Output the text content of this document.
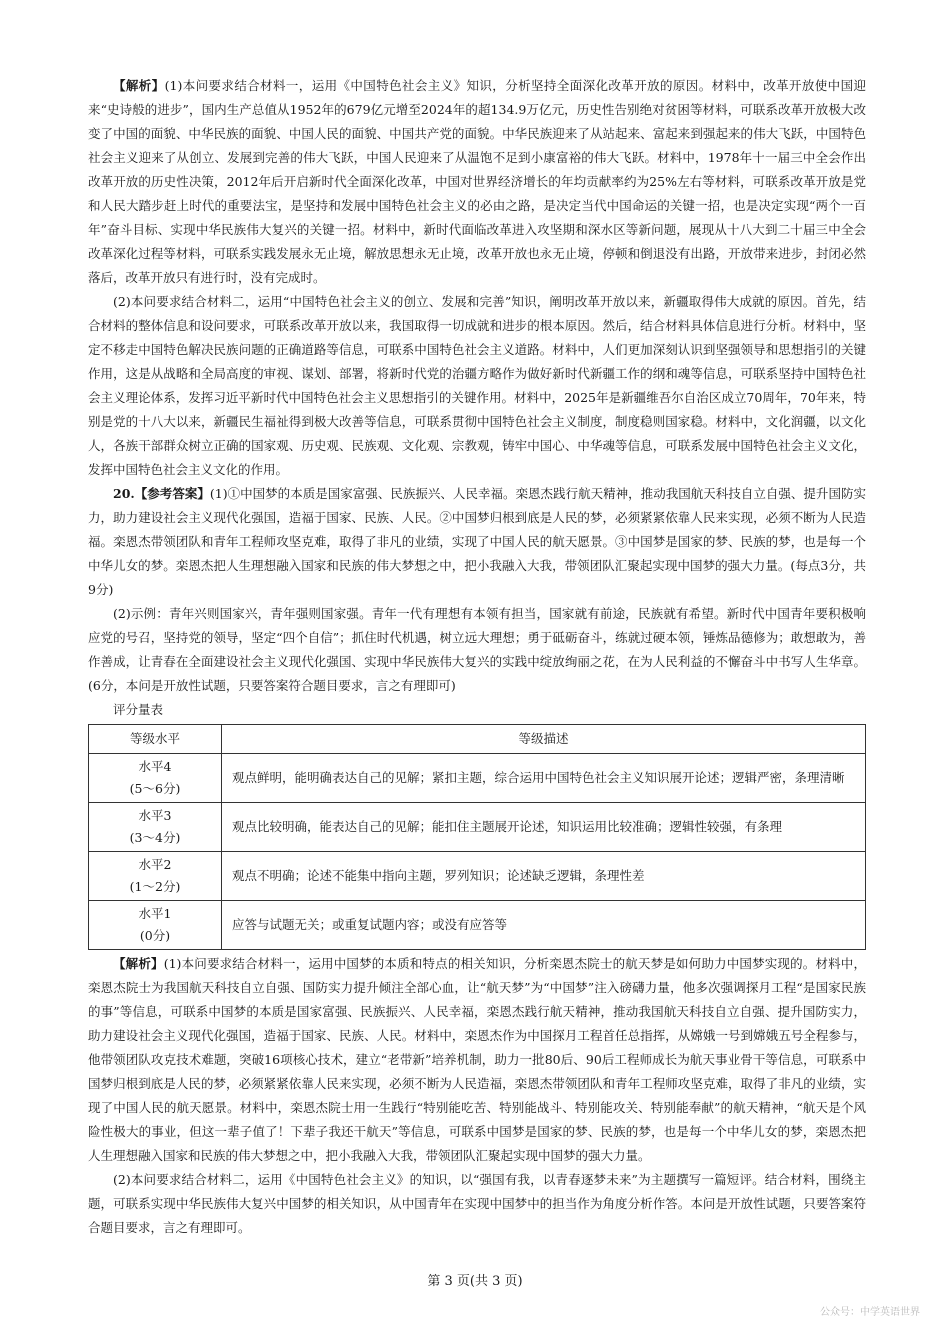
【解析】(1)本问要求结合材料一，运用《中国特色社会主义》知识，分析坚持全面深化改革开放的原因。材料中，改革开放使中国迎来“史诗般的进步”，国内生产总值从1952年的679亿元增至2024年的超134.9万亿元，历史性告别绝对贫困等材料，可联系改革开放极大改变了中国的面貌、中华民族的面貌、中国人民的面貌、中国共产党的面貌。中华民族迎来了从站起来、富起来到强起来的伟大飞跃，中国特色社会主义迎来了从创立、发展到完善的伟大飞跃，中国人民迎来了从温饱不足到小康富裕的伟大飞跃。材料中，1978年十一届三中全会作出改革开放的历史性决策，2012年后开启新时代全面深化改革，中国对世界经济增长的年均贡献率约为25%左右等材料，可联系改革开放是党和人民大踏步赶上时代的重要法宝，是坚持和发展中国特色社会主义的必由之路，是决定当代中国命运的关键一招，也是决定实现“两个一百年”奋斗目标、实现中华民族伟大复兴的关键一招。材料中，新时代面临改革进入攻坚期和深水区等新问题，展现从十八大到二十届三中全会改革深化过程等材料，可联系实践发展永无止境，解放思想永无止境，改革开放也永无止境，停顿和倒退没有出路，开放带来进步，封闭必然落后，改革开放只有进行时，没有完成时。

(2)本问要求结合材料二，运用“中国特色社会主义的创立、发展和完善”知识，阐明改革开放以来，新疆取得伟大成就的原因。首先，结合材料的整体信息和设问要求，可联系改革开放以来，我国取得一切成就和进步的根本原因。然后，结合材料具体信息进行分析。材料中，坚定不移走中国特色解决民族问题的正确道路等信息，可联系中国特色社会主义道路。材料中，人们更加深刻认识到坚强领导和思想指引的关键作用，这是从战略和全局高度的审视、谋划、部署，将新时代党的治疆方略作为做好新时代新疆工作的纲和魂等信息，可联系坚持中国特色社会主义理论体系，发挥习近平新时代中国特色社会主义思想指引的关键作用。材料中，2025年是新疆维吾尔自治区成立70周年，70年来，特别是党的十八大以来，新疆民生福祉得到极大改善等信息，可联系贯彻中国特色社会主义制度，制度稳则国家稳。材料中，文化润疆，以文化人，各族干部群众树立正确的国家观、历史观、民族观、文化观、宗教观，铸牢中国心、中华魂等信息，可联系发展中国特色社会主义文化，发挥中国特色社会主义文化的作用。

20.【参考答案】(1)①中国梦的本质是国家富强、民族振兴、人民幸福。栾恩杰践行航天精神，推动我国航天科技自立自强、提升国防实力，助力建设社会主义现代化强国，造福于国家、民族、人民。②中国梦归根到底是人民的梦，必须紧紧依靠人民来实现，必须不断为人民造福。栾恩杰带领团队和青年工程师攻坚克难，取得了非凡的业绩，实现了中国人民的航天愿景。③中国梦是国家的梦、民族的梦，也是每一个中华儿女的梦。栾恩杰把人生理想融入国家和民族的伟大梦想之中，把小我融入大我，带领团队汇聚起实现中国梦的强大力量。(每点3分，共9分)

(2)示例：青年兴则国家兴，青年强则国家强。青年一代有理想有本领有担当，国家就有前途，民族就有希望。新时代中国青年要积极响应党的号召，坚持党的领导，坚定“四个自信”；抓住时代机遇，树立远大理想；勇于砥砺奋斗，练就过硬本领，锤炼品德修为；敢想敢为，善作善成，让青春在全面建设社会主义现代化强国、实现中华民族伟大复兴的实践中绽放绚丽之花，在为人民利益的不懈奋斗中书写人生华章。(6分，本问是开放性试题，只要答案符合题目要求，言之有理即可)

评分量表

等级水平	等级描述

水平4
(5～6分)	观点鲜明，能明确表达自己的见解；紧扣主题，综合运用中国特色社会主义知识展开论述；逻辑严密，条理清晰

水平3
(3～4分)	观点比较明确，能表达自己的见解；能扣住主题展开论述，知识运用比较准确；逻辑性较强，有条理

水平2
(1～2分)	观点不明确；论述不能集中指向主题，罗列知识；论述缺乏逻辑，条理性差

水平1
(0分)	应答与试题无关；或重复试题内容；或没有应答等

【解析】(1)本问要求结合材料一，运用中国梦的本质和特点的相关知识，分析栾恩杰院士的航天梦是如何助力中国梦实现的。材料中，栾恩杰院士为我国航天科技自立自强、国防实力提升倾注全部心血，让“航天梦”为“中国梦”注入磅礴力量，他多次强调探月工程“是国家民族的事”等信息，可联系中国梦的本质是国家富强、民族振兴、人民幸福，栾恩杰践行航天精神，推动我国航天科技自立自强、提升国防实力，助力建设社会主义现代化强国，造福于国家、民族、人民。材料中，栾恩杰作为中国探月工程首任总指挥，从嫦娥一号到嫦娥五号全程参与，他带领团队攻克技术难题，突破16项核心技术，建立“老带新”培养机制，助力一批80后、90后工程师成长为航天事业骨干等信息，可联系中国梦归根到底是人民的梦，必须紧紧依靠人民来实现，必须不断为人民造福，栾恩杰带领团队和青年工程师攻坚克难，取得了非凡的业绩，实现了中国人民的航天愿景。材料中，栾恩杰院士用一生践行“特别能吃苦、特别能战斗、特别能攻关、特别能奉献”的航天精神，“航天是个风险性极大的事业，但这一辈子值了！下辈子我还干航天”等信息，可联系中国梦是国家的梦、民族的梦，也是每一个中华儿女的梦，栾恩杰把人生理想融入国家和民族的伟大梦想之中，把小我融入大我，带领团队汇聚起实现中国梦的强大力量。

(2)本问要求结合材料二，运用《中国特色社会主义》的知识，以“强国有我，以青春逐梦未来”为主题撰写一篇短评。结合材料，围绕主题，可联系实现中华民族伟大复兴中国梦的相关知识，从中国青年在实现中国梦中的担当作为角度分析作答。本问是开放性试题，只要答案符合题目要求，言之有理即可。

第 3 页(共 3 页)
公众号：中学英语世界
